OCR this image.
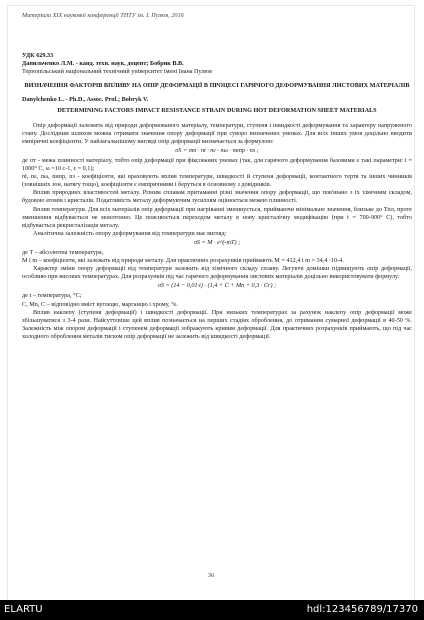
Матеріали XIX наукової конференції ТНТУ ім. І. Пулюя, 2016

УДК 629.33

Данильченко Л.М. - канд. техн. наук, доцент; Бобрик В.В.

Тернопільський національний технічний університет імені Івана Пулюя

ВИЗНАЧЕННЯ ФАКТОРІВ ВПЛИВУ НА ОПІР ДЕФОРМАЦІЇ В ПРОЦЕСІ ГАРЯЧОГО ДЕФОРМУВАННЯ ЛИСТОВИХ МАТЕРІАЛІВ

Danylchenko L. - Ph.D., Assoc. Prof.; Bobryk V.

DETERMINING FACTORS IMPACT RESISTANCE STRAIN DURING HOT DEFORMATION SHEET MATERIALS

Опір деформації залежить від природи деформованого матеріалу, температури, ступеня і швидкості деформування та характеру напруженого стану. Дослідним шляхом можна отримати значення опору деформації при суворо визначених умовах. Для всіх інших умов доцільно вводити емпіричні коефіцієнти. У найзагальнішому вигляді опір деформації визначається за формулою:

σS = σт · nt · nε · nω · nнпр · nз ;

де σт - межа плинності матеріалу, тобто опір деформації при фіксованих умовах (так, для гарячого деформування базовими є такі параметри: t = 1000° С, ω =10 с-1, ε = 0,1);

nt, nε, nω, nнпр, nз - коефіцієнти, які враховують вплив температури, швидкості й ступеня деформації, контактного тертя та інших чинників (зовнішніх зон, натягу тощо), коефіцієнти є емпіричними і беруться в основному з довідників.

Вплив природних властивостей металу. Різним сплавам притаманні різні значення опору деформації, що пов'язано з їх хімічним складом, будовою атомів і кристалів. Податливість металу деформуючим зусиллям оцінюється межею плинності.

Вплив температури. Для всіх матеріалів опір деформації при нагріванні зменшується, приймаючи мінімальне значення, близьке до Тпл, проте зменшення відбувається не монотонно. Це пояснюється переходом металу в нову кристалічну модифікацію (при t = 700-900° С), тобто відбувається рекристалізація металу.

Аналітична залежність опору деформування від температури має вигляд:

σS = M · e^(-mT) ;

де Т – абсолютна температура,

M і m – коефіцієнти, які залежать від природи металу. Для практичних розрахунків приймають M = 412,4 і m = 34,4 ·10-4.

Характер зміни опору деформації від температури залежить від хімічного складу сплаву. Легуючі домішки підвищують опір деформації, особливо при високих температурах. Для розрахунків під час гарячого деформування листових матеріалів доцільно використовувати формулу:

σS = (14 − 0,01·t) · (1,4 + C + Mn + 0,3 · Cr) ;

де t – температура, °С;

С, Mn, С – відповідно вміст вуглецю, марганцю і хрому, %.

Вплив наклепу (ступеня деформації) і швидкості деформації. При низьких температурах за рахунок наклепу опір деформації може збільшуватися з 3-4 рази. Найсуттєвіше цей вплив позначається на перших стадіях обробления, до отримання сумарної деформації в 40-50 %. Залежність між опором деформації і ступенем деформації зображують кривим деформації. Для практичних розрахунків приймають, що під час холодного оброблення металів тиском опір деформації не залежить від швидкості деформації.

36
ELARTU	hdl:123456789/17370
